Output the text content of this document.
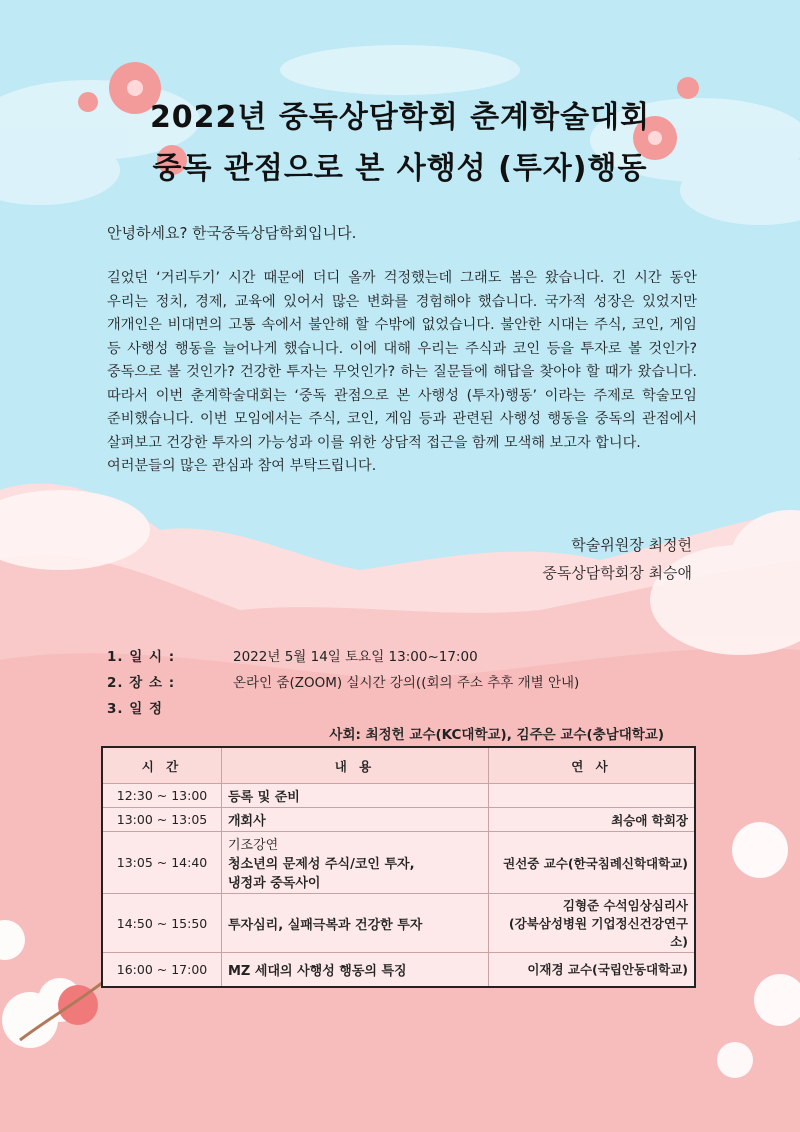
2022년 중독상담학회 춘계학술대회
중독 관점으로 본 사행성 (투자)행동
안녕하세요? 한국중독상담학회입니다.

길었던 ‘거리두기’ 시간 때문에 더디 올까 걱정했는데 그래도 봄은 왔습니다. 긴 시간 동안 우리는 정치, 경제, 교육에 있어서 많은 변화를 경험해야 했습니다. 국가적 성장은 있었지만 개개인은 비대면의 고통 속에서 불안해 할 수밖에 없었습니다. 불안한 시대는 주식, 코인, 게임 등 사행성 행동을 늘어나게 했습니다. 이에 대해 우리는 주식과 코인 등을 투자로 볼 것인가? 중독으로 볼 것인가? 건강한 투자는 무엇인가? 하는 질문들에 해답을 찾아야 할 때가 왔습니다. 따라서 이번 춘계학술대회는 ‘중독 관점으로 본 사행성 (투자)행동’ 이라는 주제로 학술모임 준비했습니다. 이번 모임에서는 주식, 코인, 게임 등과 관련된 사행성 행동을 중독의 관점에서 살펴보고 건강한 투자의 가능성과 이를 위한 상담적 접근을 함께 모색해 보고자 합니다.

여러분들의 많은 관심과 참여 부탁드립니다.

학술위원장 최정헌
중독상담학회장 최승애
1. 일 시 :	2022년 5월 14일 토요일 13:00~17:00
2. 장 소 :	온라인 줌(ZOOM) 실시간 강의((회의 주소 추후 개별 안내)
3. 일 정
사회: 최정헌 교수(KC대학교), 김주은 교수(충남대학교)
시 간	내 용	연 사
12:30 ~ 13:00	등록 및 준비	
13:00 ~ 13:05	개회사	최승애 학회장
13:05 ~ 14:40	기조강연
청소년의 문제성 주식/코인 투자,
냉정과 중독사이	권선중 교수(한국침례신학대학교)
14:50 ~ 15:50	투자심리, 실패극복과 건강한 투자	김형준 수석임상심리사
(강북삼성병원 기업정신건강연구소)

16:00 ~ 17:00	MZ 세대의 사행성 행동의 특징	이재경 교수(국립안동대학교)
